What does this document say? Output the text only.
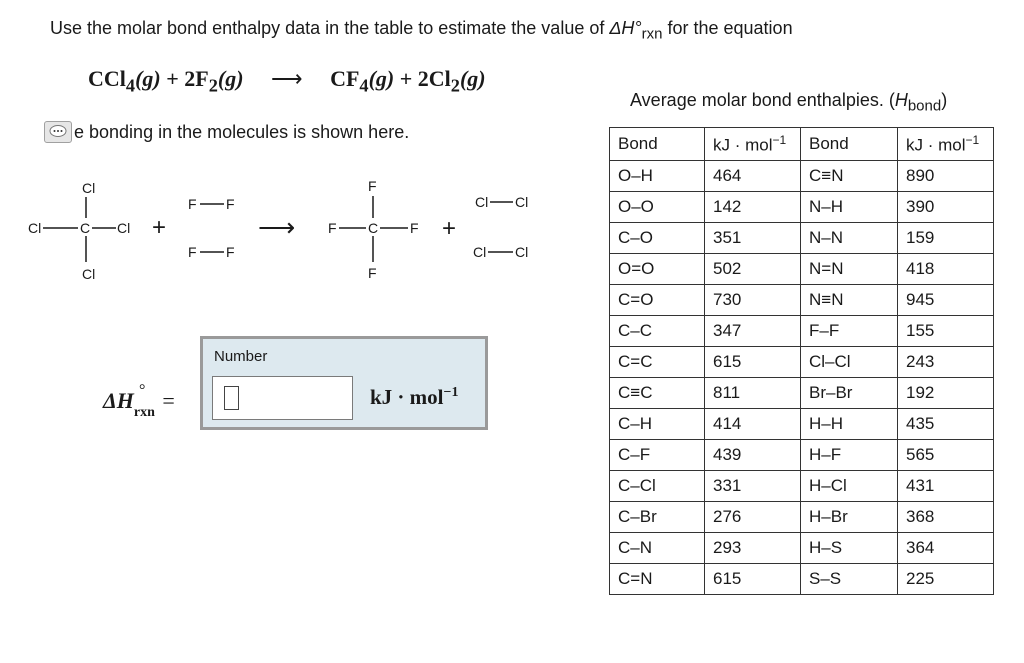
Use the molar bond enthalpy data in the table to estimate the value of $\Delta H^\circ_{rxn}$ for the equation
$CCl_4(g) + 2F_2(g)$ ⟶ $CF_4(g) + 2Cl_2(g)$
e bonding in the molecules is shown here.
Cl
Cl	C Cl
Cl
+
F F
F F
⟶
F
F C F
F
+
Cl Cl
Cl Cl
ΔH °
$_{rxn}$ =
Number
kJ · mol$^{-1}$
Average molar bond enthalpies. $(H_{bond})$
Bond	kJ · mol$^{-1}$	Bond	kJ · mol$^{-1}$
O–H	464	C≡N	890
O–O	142	N–H	390
C–O	351	N–N	159
O=O	502	N=N	418
C=O	730	N≡N	945
C–C	347	F–F	155
C=C	615	Cl–Cl	243
C≡C	811	Br–Br	192
C–H	414	H–H	435
C–F	439	H–F	565
C–Cl	331	H–Cl	431
C–Br	276	H–Br	368
C–N	293	H–S	364
C=N	615	S–S	225
